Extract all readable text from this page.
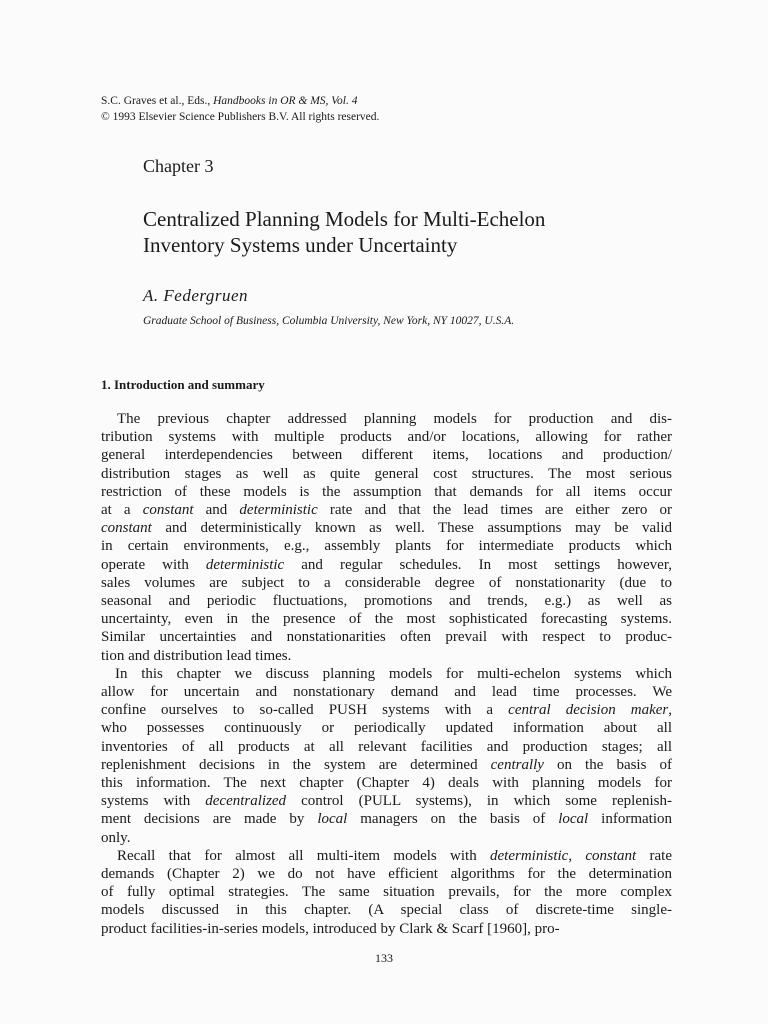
S.C. Graves et al., Eds., Handbooks in OR & MS, Vol. 4
© 1993 Elsevier Science Publishers B.V. All rights reserved.
Chapter 3
Centralized Planning Models for Multi-Echelon
Inventory Systems under Uncertainty
A. Federgruen
Graduate School of Business, Columbia University, New York, NY 10027, U.S.A.
1. Introduction and summary
The previous chapter addressed planning models for production and dis-
tribution systems with multiple products and/or locations, allowing for rather
general interdependencies between different items, locations and production/
distribution stages as well as quite general cost structures. The most serious
restriction of these models is the assumption that demands for all items occur
at a constant and deterministic rate and that the lead times are either zero or
constant and deterministically known as well. These assumptions may be valid
in certain environments, e.g., assembly plants for intermediate products which
operate with deterministic and regular schedules. In most settings however,
sales volumes are subject to a considerable degree of nonstationarity (due to
seasonal and periodic fluctuations, promotions and trends, e.g.) as well as
uncertainty, even in the presence of the most sophisticated forecasting systems.
Similar uncertainties and nonstationarities often prevail with respect to produc-
tion and distribution lead times.
In this chapter we discuss planning models for multi-echelon systems which
allow for uncertain and nonstationary demand and lead time processes. We
confine ourselves to so-called PUSH systems with a central decision maker,
who possesses continuously or periodically updated information about all
inventories of all products at all relevant facilities and production stages; all
replenishment decisions in the system are determined centrally on the basis of
this information. The next chapter (Chapter 4) deals with planning models for
systems with decentralized control (PULL systems), in which some replenish-
ment decisions are made by local managers on the basis of local information
only.
Recall that for almost all multi-item models with deterministic, constant rate
demands (Chapter 2) we do not have efficient algorithms for the determination
of fully optimal strategies. The same situation prevails, for the more complex
models discussed in this chapter. (A special class of discrete-time single-
product facilities-in-series models, introduced by Clark & Scarf [1960], pro-
133
